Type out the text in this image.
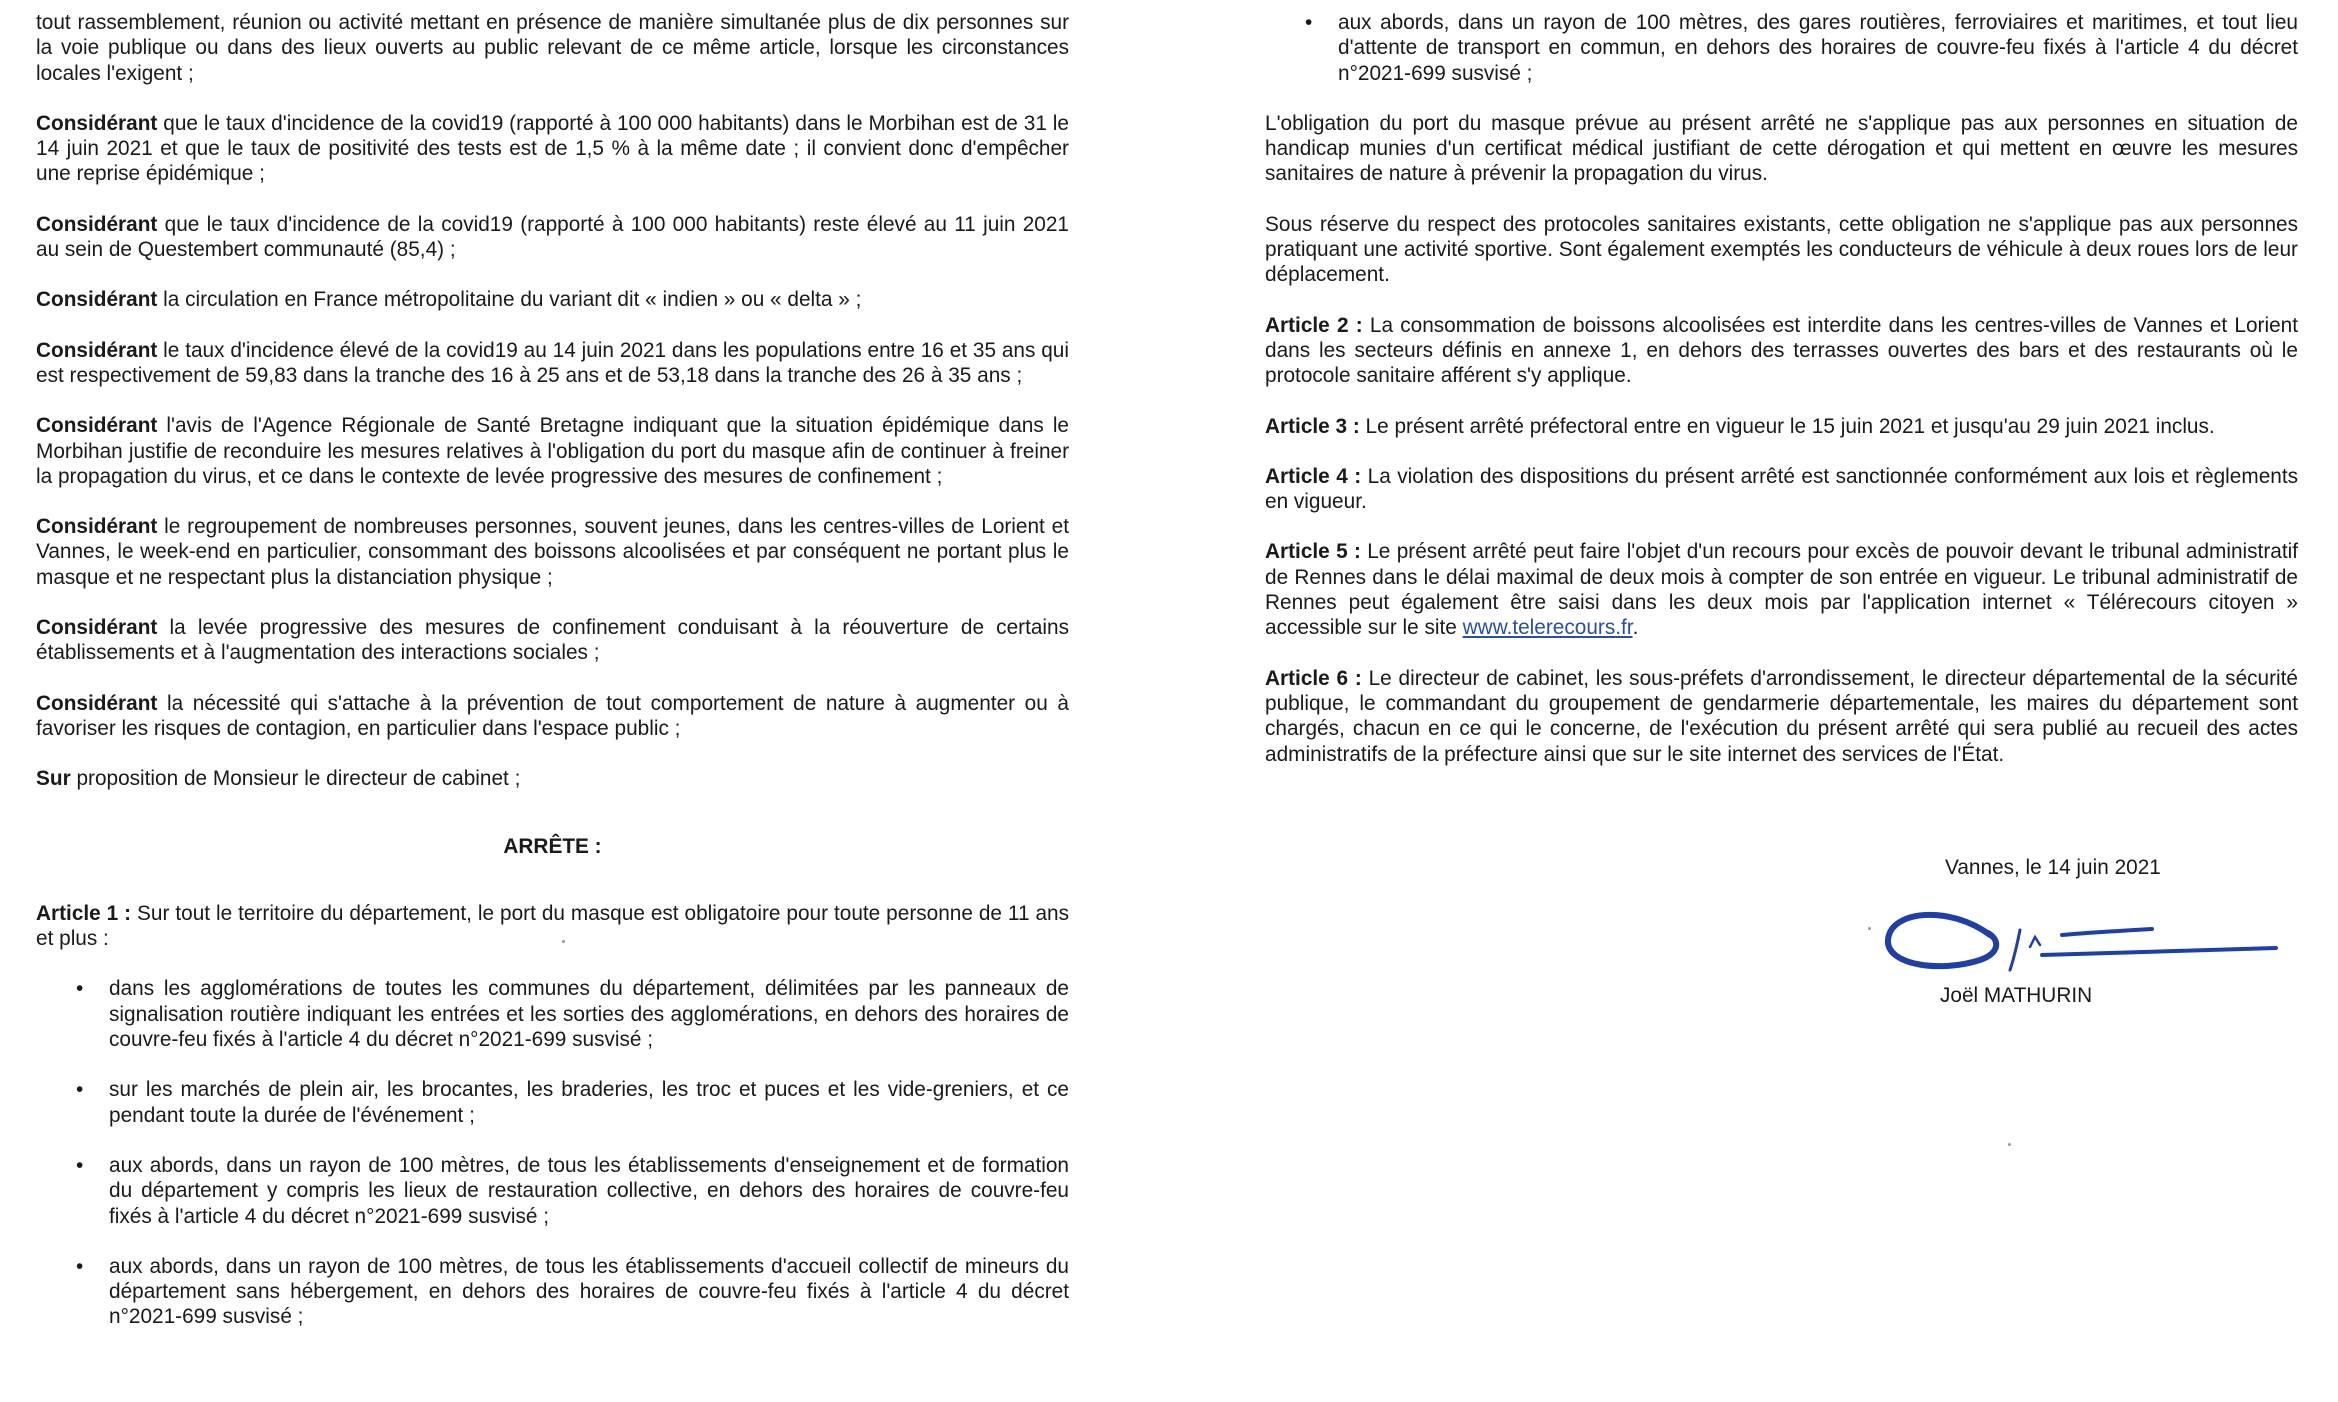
tout rassemblement, réunion ou activité mettant en présence de manière simultanée plus de dix personnes sur la voie publique ou dans des lieux ouverts au public relevant de ce même article, lorsque les circonstances locales l'exigent ;

Considérant que le taux d'incidence de la covid19 (rapporté à 100 000 habitants) dans le Morbihan est de 31 le 14 juin 2021 et que le taux de positivité des tests est de 1,5 % à la même date ; il convient donc d'empêcher une reprise épidémique ;

Considérant que le taux d'incidence de la covid19 (rapporté à 100 000 habitants) reste élevé au 11 juin 2021 au sein de Questembert communauté (85,4) ;

Considérant la circulation en France métropolitaine du variant dit « indien » ou « delta » ;

Considérant le taux d'incidence élevé de la covid19 au 14 juin 2021 dans les populations entre 16 et 35 ans qui est respectivement de 59,83 dans la tranche des 16 à 25 ans et de 53,18 dans la tranche des 26 à 35 ans ;

Considérant l'avis de l'Agence Régionale de Santé Bretagne indiquant que la situation épidémique dans le Morbihan justifie de reconduire les mesures relatives à l'obligation du port du masque afin de continuer à freiner la propagation du virus, et ce dans le contexte de levée progressive des mesures de confinement ;

Considérant le regroupement de nombreuses personnes, souvent jeunes, dans les centres-villes de Lorient et Vannes, le week-end en particulier, consommant des boissons alcoolisées et par conséquent ne portant plus le masque et ne respectant plus la distanciation physique ;

Considérant la levée progressive des mesures de confinement conduisant à la réouverture de certains établissements et à l'augmentation des interactions sociales ;

Considérant la nécessité qui s'attache à la prévention de tout comportement de nature à augmenter ou à favoriser les risques de contagion, en particulier dans l'espace public ;

Sur proposition de Monsieur le directeur de cabinet ;

ARRÊTE :

Article 1 : Sur tout le territoire du département, le port du masque est obligatoire pour toute personne de 11 ans et plus :

• dans les agglomérations de toutes les communes du département, délimitées par les panneaux de signalisation routière indiquant les entrées et les sorties des agglomérations, en dehors des horaires de couvre-feu fixés à l'article 4 du décret n°2021-699 susvisé ;
• sur les marchés de plein air, les brocantes, les braderies, les troc et puces et les vide-greniers, et ce pendant toute la durée de l'événement ;
• aux abords, dans un rayon de 100 mètres, de tous les établissements d'enseignement et de formation du département y compris les lieux de restauration collective, en dehors des horaires de couvre-feu fixés à l'article 4 du décret n°2021-699 susvisé ;
• aux abords, dans un rayon de 100 mètres, de tous les établissements d'accueil collectif de mineurs du département sans hébergement, en dehors des horaires de couvre-feu fixés à l'article 4 du décret n°2021-699 susvisé ;
• aux abords, dans un rayon de 100 mètres, des gares routières, ferroviaires et maritimes, et tout lieu d'attente de transport en commun, en dehors des horaires de couvre-feu fixés à l'article 4 du décret n°2021-699 susvisé ;

L'obligation du port du masque prévue au présent arrêté ne s'applique pas aux personnes en situation de handicap munies d'un certificat médical justifiant de cette dérogation et qui mettent en œuvre les mesures sanitaires de nature à prévenir la propagation du virus.

Sous réserve du respect des protocoles sanitaires existants, cette obligation ne s'applique pas aux personnes pratiquant une activité sportive. Sont également exemptés les conducteurs de véhicule à deux roues lors de leur déplacement.

Article 2 : La consommation de boissons alcoolisées est interdite dans les centres-villes de Vannes et Lorient dans les secteurs définis en annexe 1, en dehors des terrasses ouvertes des bars et des restaurants où le protocole sanitaire afférent s'y applique.

Article 3 : Le présent arrêté préfectoral entre en vigueur le 15 juin 2021 et jusqu'au 29 juin 2021 inclus.

Article 4 : La violation des dispositions du présent arrêté est sanctionnée conformément aux lois et règlements en vigueur.

Article 5 : Le présent arrêté peut faire l'objet d'un recours pour excès de pouvoir devant le tribunal administratif de Rennes dans le délai maximal de deux mois à compter de son entrée en vigueur. Le tribunal administratif de Rennes peut également être saisi dans les deux mois par l'application internet « Télérecours citoyen » accessible sur le site www.telerecours.fr.

Article 6 : Le directeur de cabinet, les sous-préfets d'arrondissement, le directeur départemental de la sécurité publique, le commandant du groupement de gendarmerie départementale, les maires du département sont chargés, chacun en ce qui le concerne, de l'exécution du présent arrêté qui sera publié au recueil des actes administratifs de la préfecture ainsi que sur le site internet des services de l'État.

Vannes, le 14 juin 2021
Joël MATHURIN
